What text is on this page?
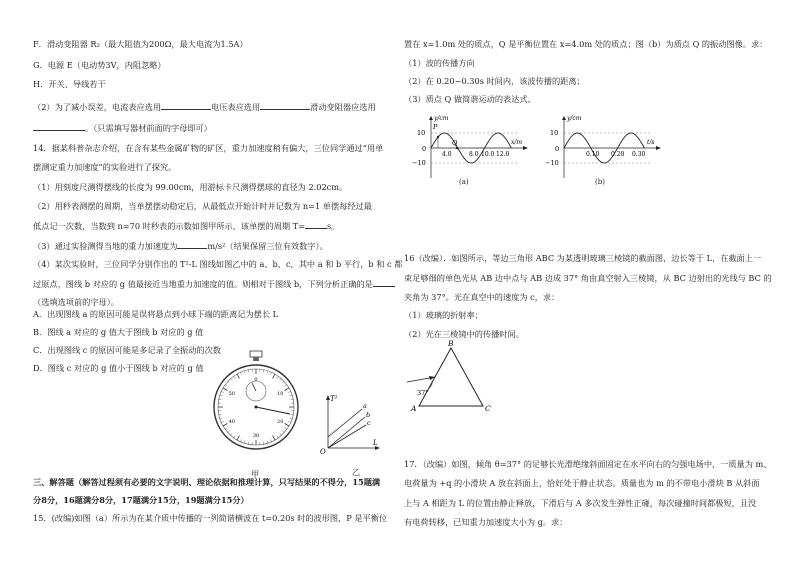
F．滑动变阻器 R₂（最大阻值为200Ω，最大电流为1.5A）
G．电源 E（电动势3V，内阻忽略）
H．开关、导线若干
（2）为了减小误差，电流表应选用	电压表应选用	滑动变阻器应选用
。（只需填写器材前面的字母即可）
14．据某科普杂志介绍，在含有某些金属矿物的矿区，重力加速度稍有偏大，三位同学通过“用单
摆测定重力加速度”的实验进行了探究。
（1）用刻度尺测得摆线的长度为 99.00cm，用游标卡尺测得摆球的直径为 2.02cm。
（2）用秒表测摆的周期，当单摆摆动稳定后，从最低点开始计时并记数为 n=1 单摆每经过最
低点记一次数，当数到 n=70 时秒表的示数如图甲所示，该单摆的周期 T=	s。
（3）通过实验测得当地的重力加速度为	m/s²（结果保留三位有效数字）。
（4）某次实验时，三位同学分别作出的 T²-L 图线如图乙中的 a、b、c，其中 a 和 b 平行，b 和 c 都
过原点，图线 b 对应的 g 值最接近当地重力加速度的值。则相对于图线 b，下列分析正确的是
（选填选项前的字母）。
A．出现图线 a 的原因可能是误将悬点到小球下端的距离记为摆长 L
B．图线 a 对应的 g 值大于图线 b 对应的 g 值
C．出现图线 c 的原因可能是多记录了全振动的次数
D．图线 c 对应的 g 值小于图线 b 对应的 g 值
0
10
20
30
40
50
甲
T²
L
O
a
b
c
乙
三、解答题（解答过程须有必要的文字说明、理论依据和推理计算，只写结果的不得分，15题满
分8分，16题满分8分，17题满分15分，19题满分15分）
15．(改编)如图（a）所示为在某介质中传播的一列简谐横波在 t=0.20s 时的波形图，P 是平衡位
置在 x=1.0m 处的质点，Q 是平衡位置在 x=4.0m 处的质点；图（b）为质点 Q 的振动图像。求：
（1）波的传播方向
（2）在 0.20~0.30s 时间内，该波传播的距离；
（3）质点 Q 做简谐运动的表达式。
P
Q
y/cm
x/m
10
0
−10
4.0	8.0 10.0 12.0
(a)
y/cm
t/s
10
0
−10
0.10 0.20 0.30
(b)
16（改编）．如图所示，等边三角形 ABC 为某透明玻璃三棱镜的截面图，边长等于 L，在截面上一
束足够细的单色光从 AB 边中点与 AB 边成 37° 角由真空射入三棱镜，从 BC 边射出的光线与 BC 的
夹角为 37°。光在真空中的速度为 c，求：
（1）玻璃的折射率；
（2）光在三棱镜中的传播时间。
37°
B
A	C
17．（改编）如图，倾角 θ=37° 的足够长光滑绝缘斜面固定在水平向右的匀强电场中，一质量为 m、
电荷量为 +q 的小滑块 A 放在斜面上，恰好处于静止状态。质量也为 m 的不带电小滑块 B 从斜面
上与 A 相距为 L 的位置由静止释放，下滑后与 A 多次发生弹性正碰，每次碰撞时间都极短，且没
有电荷转移，已知重力加速度大小为 g。求：
